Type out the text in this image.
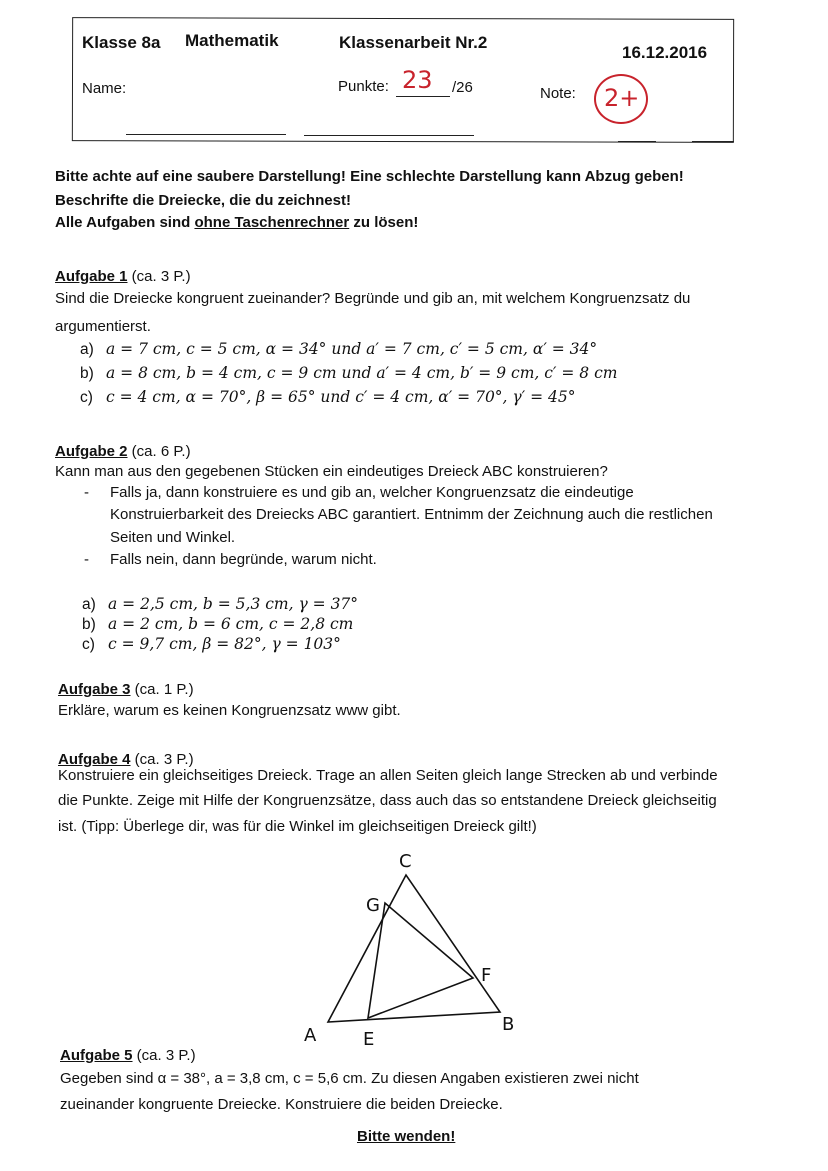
Klasse 8a Mathematik	Klassenarbeit Nr.2
16.12.2016
Name:	Punkte: 23 /26	Note: 2+
Bitte achte auf eine saubere Darstellung! Eine schlechte Darstellung kann Abzug geben!
Beschrifte die Dreiecke, die du zeichnest!
Alle Aufgaben sind ohne Taschenrechner zu lösen!
Aufgabe 1 (ca. 3 P.)
Sind die Dreiecke kongruent zueinander? Begründe und gib an, mit welchem Kongruenzsatz du
argumentierst.
a) a = 7 cm, c = 5 cm, α = 34° und a′ = 7 cm, c′ = 5 cm, α′ = 34°
b) a = 8 cm, b = 4 cm, c = 9 cm und a′ = 4 cm, b′ = 9 cm, c′ = 8 cm
c) c = 4 cm, α = 70°, β = 65° und c′ = 4 cm, α′ = 70°, γ′ = 45°
Aufgabe 2 (ca. 6 P.)
Kann man aus den gegebenen Stücken ein eindeutiges Dreieck ABC konstruieren?
- Falls ja, dann konstruiere es und gib an, welcher Kongruenzsatz die eindeutige
Konstruierbarkeit des Dreiecks ABC garantiert. Entnimm der Zeichnung auch die restlichen
Seiten und Winkel.
- Falls nein, dann begründe, warum nicht.
a) a = 2,5 cm, b = 5,3 cm, γ = 37°
b) a = 2 cm, b = 6 cm, c = 2,8 cm
c) c = 9,7 cm, β = 82°, γ = 103°
Aufgabe 3 (ca. 1 P.)
Erkläre, warum es keinen Kongruenzsatz www gibt.
Aufgabe 4 (ca. 3 P.)
Konstruiere ein gleichseitiges Dreieck. Trage an allen Seiten gleich lange Strecken ab und verbinde
die Punkte. Zeige mit Hilfe der Kongruenzsätze, dass auch das so entstandene Dreieck gleichseitig
ist. (Tipp: Überlege dir, was für die Winkel im gleichseitigen Dreieck gilt!)
C
G
F
B
A	E
Aufgabe 5 (ca. 3 P.)
Gegeben sind α = 38°, a = 3,8 cm, c = 5,6 cm. Zu diesen Angaben existieren zwei nicht
zueinander kongruente Dreiecke. Konstruiere die beiden Dreiecke.
Bitte wenden!
